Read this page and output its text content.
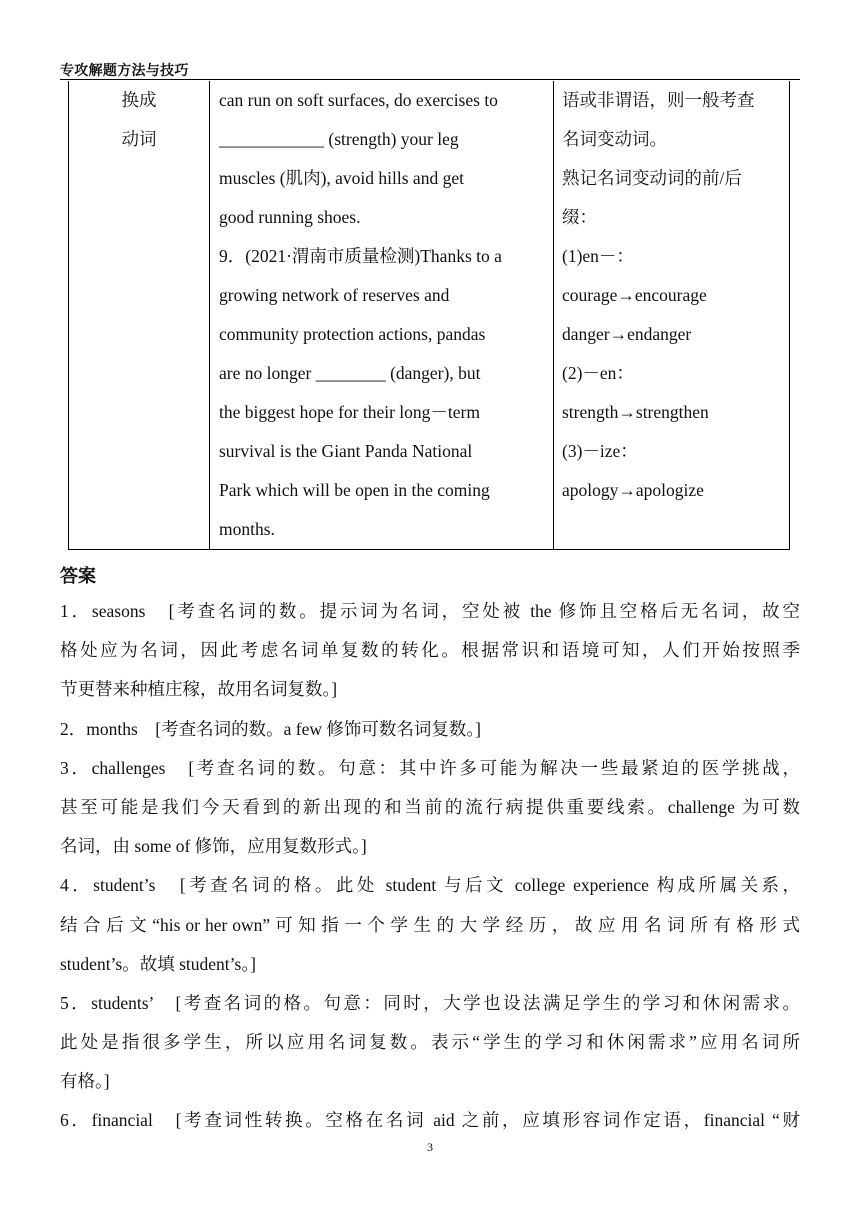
专攻解题方法与技巧
换成
动词
can run on soft surfaces, do exercises to
____________ (strength) your leg
muscles (肌肉), avoid hills and get
good running shoes.
9．(2021·渭南市质量检测)Thanks to a
growing network of reserves and
community protection actions, pandas
are no longer ________ (danger), but
the biggest hope for their long－term
survival is the Giant Panda National
Park which will be open in the coming
months.
语或非谓语，则一般考查
名词变动词。
熟记名词变动词的前/后
缀：
(1)en－：
courage→encourage
danger→endanger
(2)－en：
strength→strengthen
(3)－ize：
apology→apologize
答案
1．seasons　[考查名词的数。提示词为名词，空处被 the 修饰且空格后无名词，故空
格处应为名词，因此考虑名词单复数的转化。根据常识和语境可知，人们开始按照季
节更替来种植庄稼，故用名词复数。]
2．months　[考查名词的数。a few 修饰可数名词复数。]
3．challenges　[考查名词的数。句意：其中许多可能为解决一些最紧迫的医学挑战，
甚至可能是我们今天看到的新出现的和当前的流行病提供重要线索。challenge 为可数
名词，由 some of 修饰，应用复数形式。]
4．student’s　[考查名词的格。此处 student 与后文 college experience 构成所属关系，
结 合 后 文 “his or her own” 可 知 指 一 个 学 生 的 大 学 经 历 ， 故 应 用 名 词 所 有 格 形 式
student’s。故填 student’s。]
5．students’　[考查名词的格。句意：同时，大学也设法满足学生的学习和休闲需求。
此处是指很多学生，所以应用名词复数。表示“学生的学习和休闲需求”应用名词所
有格。]
6．financial　[考查词性转换。空格在名词 aid 之前，应填形容词作定语，financial “财
3
